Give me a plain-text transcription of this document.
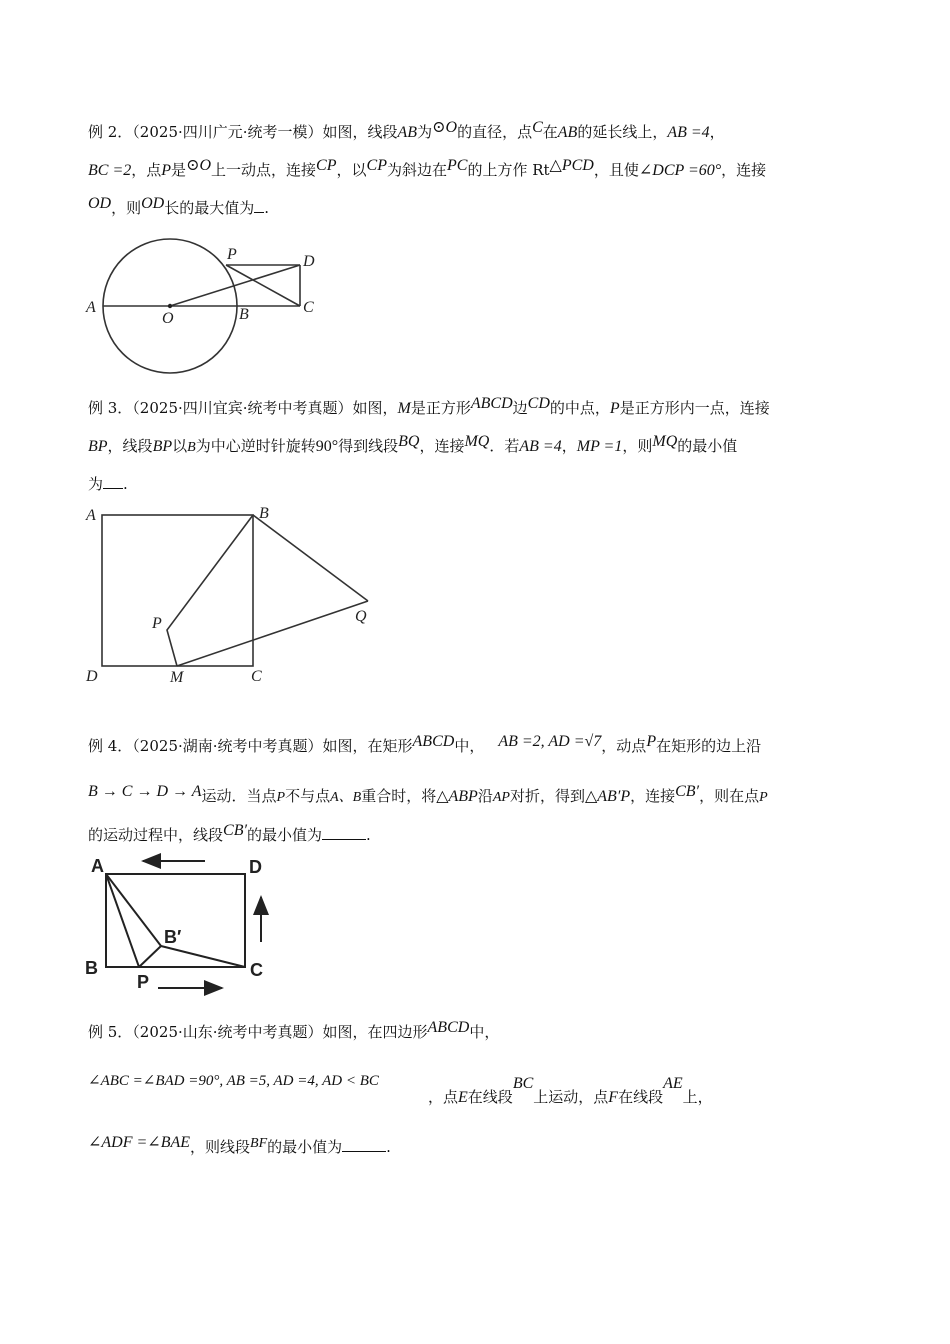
例 2．（2025·四川广元·统考一模）如图，线段AB为⊙O的直径，点C在AB的延长线上，AB =4，
BC =2，点P是⊙O上一动点，连接CP，以CP为斜边在PC的上方作 Rt△PCD，且使∠DCP =60°，连接
OD，则OD长的最大值为 .
A
O	B	C
P	D
例 3．（2025·四川宜宾·统考中考真题）如图，M是正方形ABCD边CD的中点，P是正方形内一点，连接
BP，线段BP以B为中心逆时针旋转90°得到线段BQ，连接MQ．若AB =4，MP =1，则MQ的最小值
为 .
A	B
C
D	M
P	Q
例 4．（2025·湖南·统考中考真题）如图，在矩形ABCD中， AB =2, AD =√7，动点P在矩形的边上沿
B → C → D → A运动．当点P不与点A、B重合时，将△ABP沿AP对折，得到△AB′P，连接CB′，则在点P
的运动过程中，线段CB′的最小值为	.
A	D
B	C
P
B′
例 5．（2025·山东·统考中考真题）如图，在四边形ABCD中，
∠ABC =∠BAD =90°, AB =5, AD =4, AD < BC
，点E在线段BC上运动，点F在线段AE上，
∠ADF =∠BAE，则线段BF的最小值为	.
